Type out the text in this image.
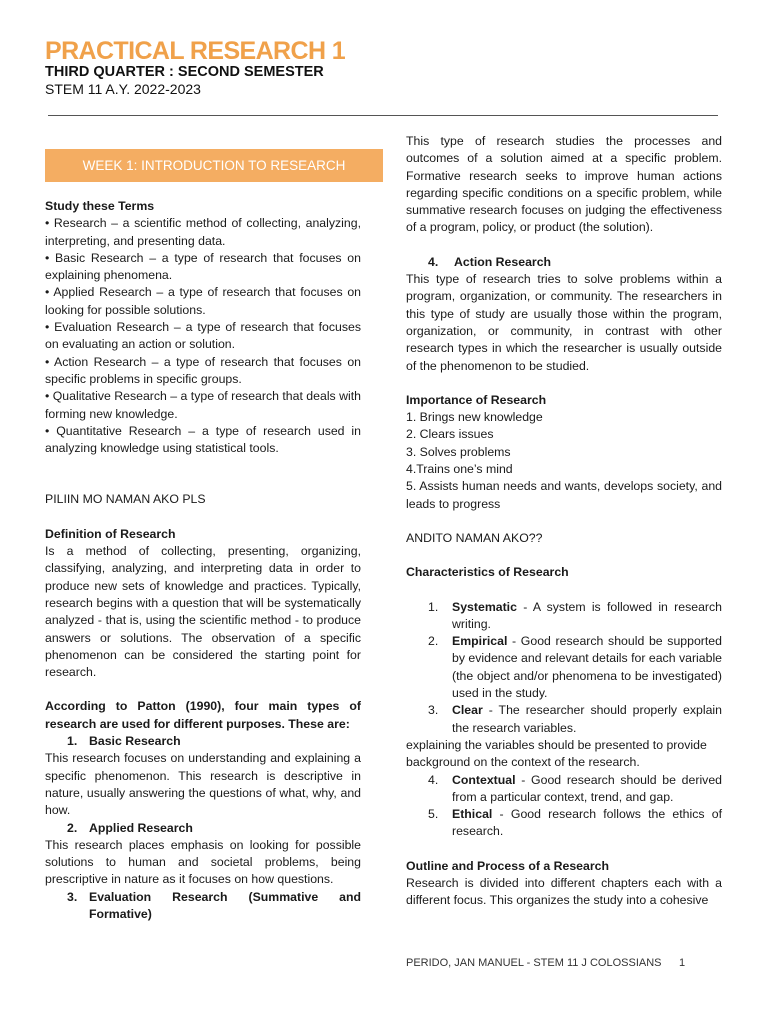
PRACTICAL RESEARCH 1
THIRD QUARTER : SECOND SEMESTER
STEM 11 A.Y. 2022-2023
WEEK 1: INTRODUCTION TO RESEARCH

Study these Terms

• Research – a scientific method of collecting, analyzing, interpreting, and presenting data.

• Basic Research – a type of research that focuses on explaining phenomena.

• Applied Research – a type of research that focuses on looking for possible solutions.

• Evaluation Research – a type of research that focuses on evaluating an action or solution.

• Action Research – a type of research that focuses on specific problems in specific groups.

• Qualitative Research – a type of research that deals with forming new knowledge.

• Quantitative Research – a type of research used in analyzing knowledge using statistical tools.

PILIIN MO NAMAN AKO PLS

Definition of Research

Is a method of collecting, presenting, organizing, classifying, analyzing, and interpreting data in order to produce new sets of knowledge and practices. Typically, research begins with a question that will be systematically analyzed - that is, using the scientific method - to produce answers or solutions. The observation of a specific phenomenon can be considered the starting point for research.

According to Patton (1990), four main types of research are used for different purposes. These are:

1. Basic Research

This research focuses on understanding and explaining a specific phenomenon. This research is descriptive in nature, usually answering the questions of what, why, and how.

2. Applied Research

This research places emphasis on looking for possible solutions to human and societal problems, being prescriptive in nature as it focuses on how questions.

3. Evaluation Research (Summative and Formative)

This type of research studies the processes and outcomes of a solution aimed at a specific problem. Formative research seeks to improve human actions regarding specific conditions on a specific problem, while summative research focuses on judging the effectiveness of a program, policy, or product (the solution).

4.	Action Research

This type of research tries to solve problems within a program, organization, or community. The researchers in this type of study are usually those within the program, organization, or community, in contrast with other research types in which the researcher is usually outside of the phenomenon to be studied.

Importance of Research

1. Brings new knowledge

2. Clears issues

3. Solves problems

4.Trains one’s mind

5. Assists human needs and wants, develops society, and leads to progress

ANDITO NAMAN AKO??

Characteristics of Research

1.	Systematic - A system is followed in research writing.
2.	Empirical - Good research should be supported by evidence and relevant details for each variable (the object and/or phenomena to be investigated) used in the study.
3.	Clear - The researcher should properly explain the research variables.

explaining the variables should be presented to provide background on the context of the research.

4.	Contextual - Good research should be derived from a particular context, trend, and gap.
5.	Ethical - Good research follows the ethics of research.

Outline and Process of a Research

Research is divided into different chapters each with a different focus. This organizes the study into a cohesive

PERIDO, JAN MANUEL - STEM 11 J COLOSSIANS 1
